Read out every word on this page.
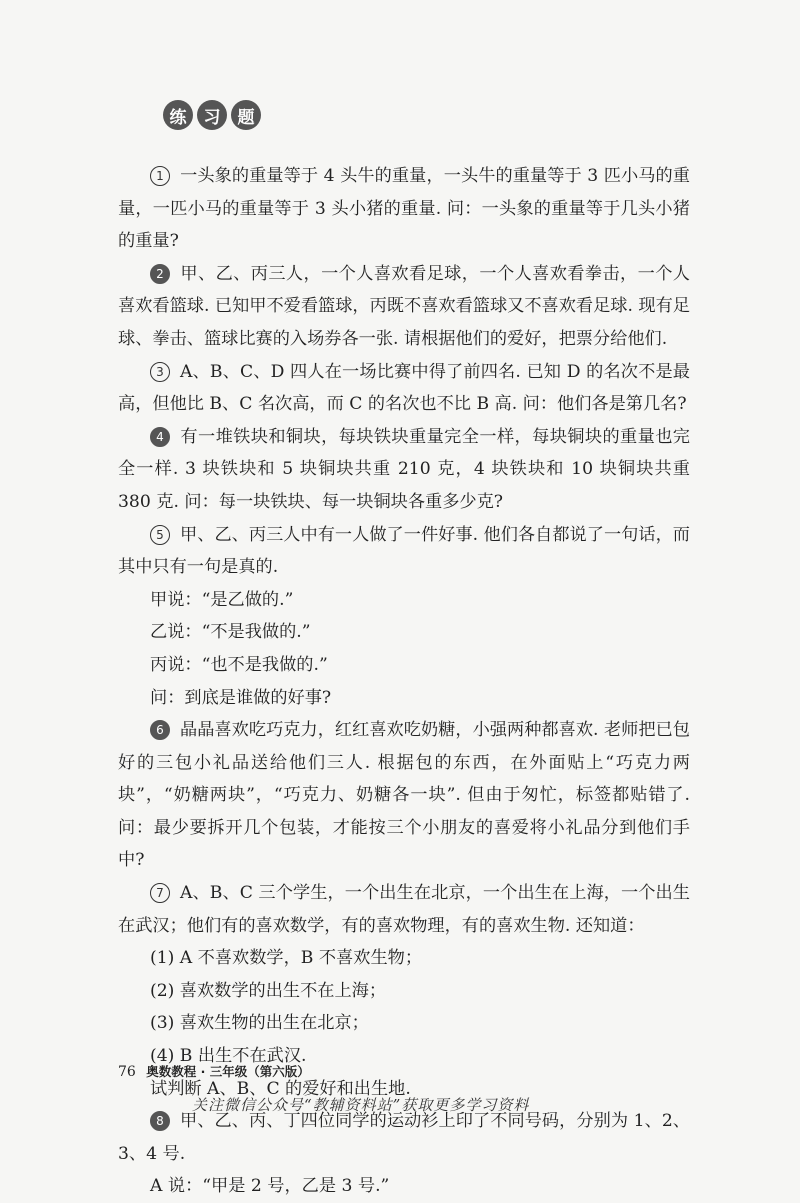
练	习	题

1 一头象的重量等于 4 头牛的重量，一头牛的重量等于 3 匹小马的重量，一匹小马的重量等于 3 头小猪的重量. 问：一头象的重量等于几头小猪的重量?

2 甲、乙、丙三人，一个人喜欢看足球，一个人喜欢看拳击，一个人喜欢看篮球. 已知甲不爱看篮球，丙既不喜欢看篮球又不喜欢看足球. 现有足球、拳击、篮球比赛的入场券各一张. 请根据他们的爱好，把票分给他们.

3 A、B、C、D 四人在一场比赛中得了前四名. 已知 D 的名次不是最高，但他比 B、C 名次高，而 C 的名次也不比 B 高. 问：他们各是第几名?

4 有一堆铁块和铜块，每块铁块重量完全一样，每块铜块的重量也完全一样. 3 块铁块和 5 块铜块共重 210 克，4 块铁块和 10 块铜块共重 380 克. 问：每一块铁块、每一块铜块各重多少克?

5 甲、乙、丙三人中有一人做了一件好事. 他们各自都说了一句话，而其中只有一句是真的.

甲说：“是乙做的.”

乙说：“不是我做的.”

丙说：“也不是我做的.”

问：到底是谁做的好事?

6 晶晶喜欢吃巧克力，红红喜欢吃奶糖，小强两种都喜欢. 老师把已包好的三包小礼品送给他们三人. 根据包的东西，在外面贴上“巧克力两块”，“奶糖两块”，“巧克力、奶糖各一块”. 但由于匆忙，标签都贴错了. 问：最少要拆开几个包装，才能按三个小朋友的喜爱将小礼品分到他们手中?

7 A、B、C 三个学生，一个出生在北京，一个出生在上海，一个出生在武汉；他们有的喜欢数学，有的喜欢物理，有的喜欢生物. 还知道：

(1) A 不喜欢数学，B 不喜欢生物；

(2) 喜欢数学的出生不在上海；

(3) 喜欢生物的出生在北京；

(4) B 出生不在武汉.

试判断 A、B、C 的爱好和出生地.

8 甲、乙、丙、丁四位同学的运动衫上印了不同号码，分别为 1、2、3、4 号.

A 说：“甲是 2 号，乙是 3 号.”

76 奥数教程 · 三年级（第六版）
关注微信公众号“教辅资料站”获取更多学习资料
